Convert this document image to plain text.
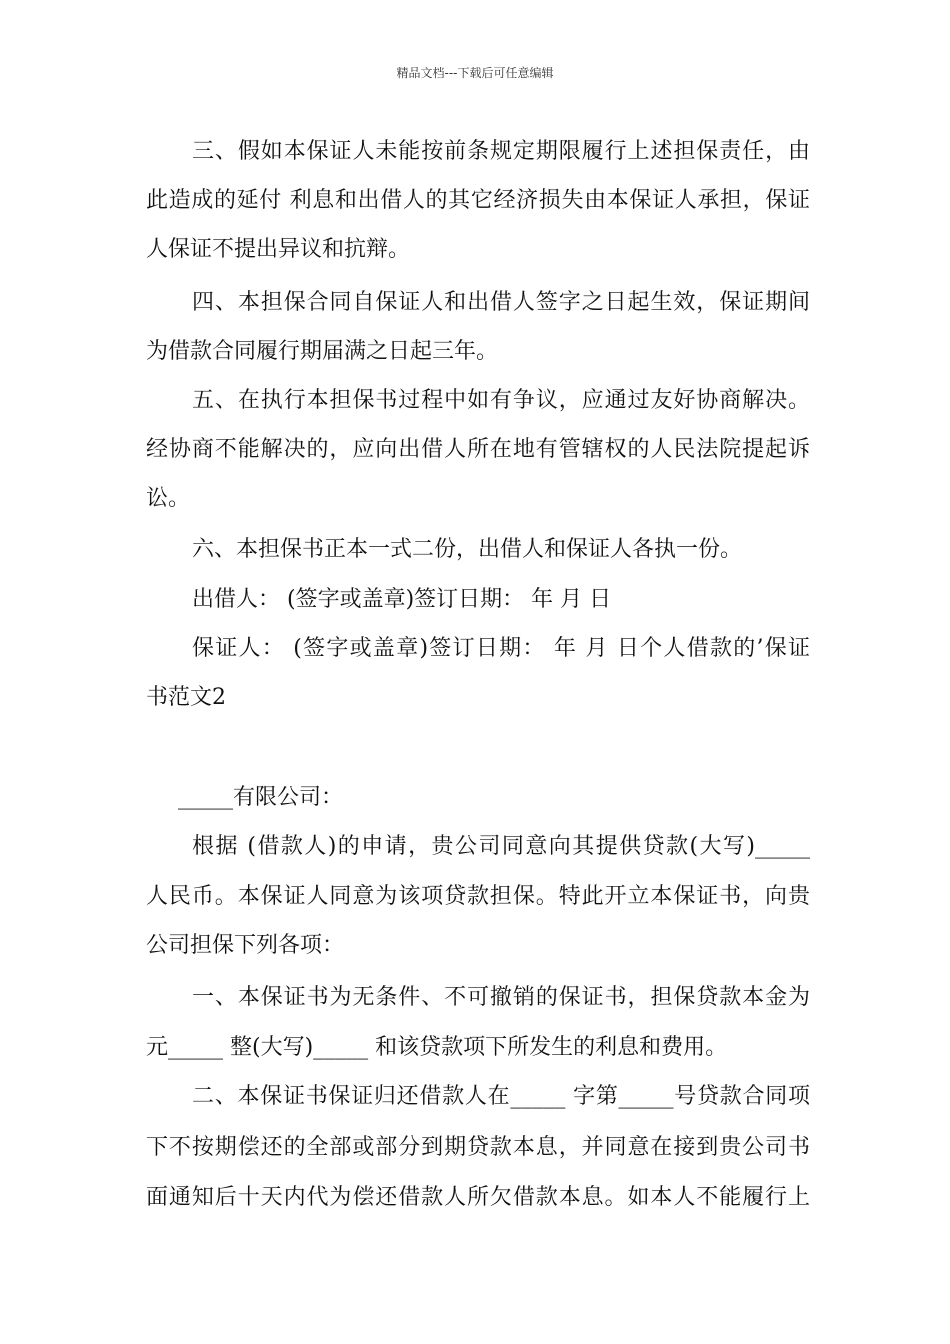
精品文档---下载后可任意编辑
三、假如本保证人未能按前条规定期限履行上述担保责任，由
此造成的延付 利息和出借人的其它经济损失由本保证人承担，保证
人保证不提出异议和抗辩。
四、本担保合同自保证人和出借人签字之日起生效，保证期间
为借款合同履行期届满之日起三年。
五、在执行本担保书过程中如有争议，应通过友好协商解决。
经协商不能解决的，应向出借人所在地有管辖权的人民法院提起诉
讼。
六、本担保书正本一式二份，出借人和保证人各执一份。
出借人： (签字或盖章)签订日期： 年 月 日
保证人： (签字或盖章)签订日期： 年 月 日个人借款的’保证
书范文2
_____有限公司：
根据 (借款人)的申请，贵公司同意向其提供贷款(大写)_____
人民币。本保证人同意为该项贷款担保。特此开立本保证书，向贵
公司担保下列各项：
一、本保证书为无条件、不可撤销的保证书，担保贷款本金为
元_____ 整(大写)_____ 和该贷款项下所发生的利息和费用。
二、本保证书保证归还借款人在_____ 字第_____号贷款合同项
下不按期偿还的全部或部分到期贷款本息，并同意在接到贵公司书
面通知后十天内代为偿还借款人所欠借款本息。如本人不能履行上
